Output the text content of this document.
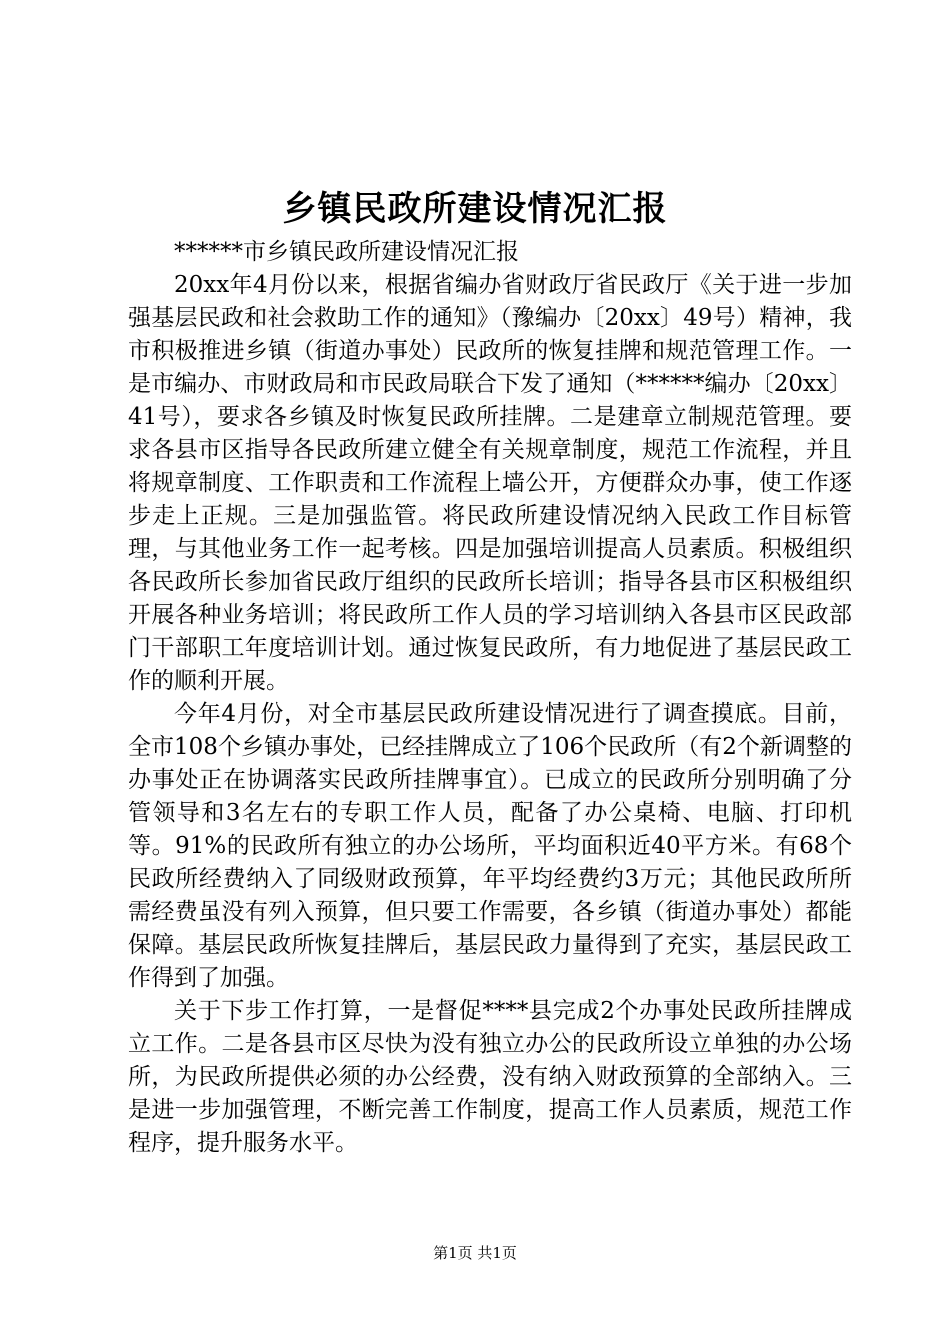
乡镇民政所建设情况汇报

******市乡镇民政所建设情况汇报

20xx年4月份以来，根据省编办省财政厅省民政厅《关于进一步加强基层民政和社会救助工作的通知》（豫编办〔20xx〕49号）精神，我市积极推进乡镇（街道办事处）民政所的恢复挂牌和规范管理工作。一是市编办、市财政局和市民政局联合下发了通知（******编办〔20xx〕41号），要求各乡镇及时恢复民政所挂牌。二是建章立制规范管理。要求各县市区指导各民政所建立健全有关规章制度，规范工作流程，并且将规章制度、工作职责和工作流程上墙公开，方便群众办事，使工作逐步走上正规。三是加强监管。将民政所建设情况纳入民政工作目标管理，与其他业务工作一起考核。四是加强培训提高人员素质。积极组织各民政所长参加省民政厅组织的民政所长培训；指导各县市区积极组织开展各种业务培训；将民政所工作人员的学习培训纳入各县市区民政部门干部职工年度培训计划。通过恢复民政所，有力地促进了基层民政工作的顺利开展。

今年4月份，对全市基层民政所建设情况进行了调查摸底。目前，全市108个乡镇办事处，已经挂牌成立了106个民政所（有2个新调整的办事处正在协调落实民政所挂牌事宜）。已成立的民政所分别明确了分管领导和3名左右的专职工作人员，配备了办公桌椅、电脑、打印机等。91%的民政所有独立的办公场所，平均面积近40平方米。有68个民政所经费纳入了同级财政预算，年平均经费约3万元；其他民政所所需经费虽没有列入预算，但只要工作需要，各乡镇（街道办事处）都能保障。基层民政所恢复挂牌后，基层民政力量得到了充实，基层民政工作得到了加强。

关于下步工作打算，一是督促****县完成2个办事处民政所挂牌成立工作。二是各县市区尽快为没有独立办公的民政所设立单独的办公场所，为民政所提供必须的办公经费，没有纳入财政预算的全部纳入。三是进一步加强管理，不断完善工作制度，提高工作人员素质，规范工作程序，提升服务水平。

第1页 共1页
